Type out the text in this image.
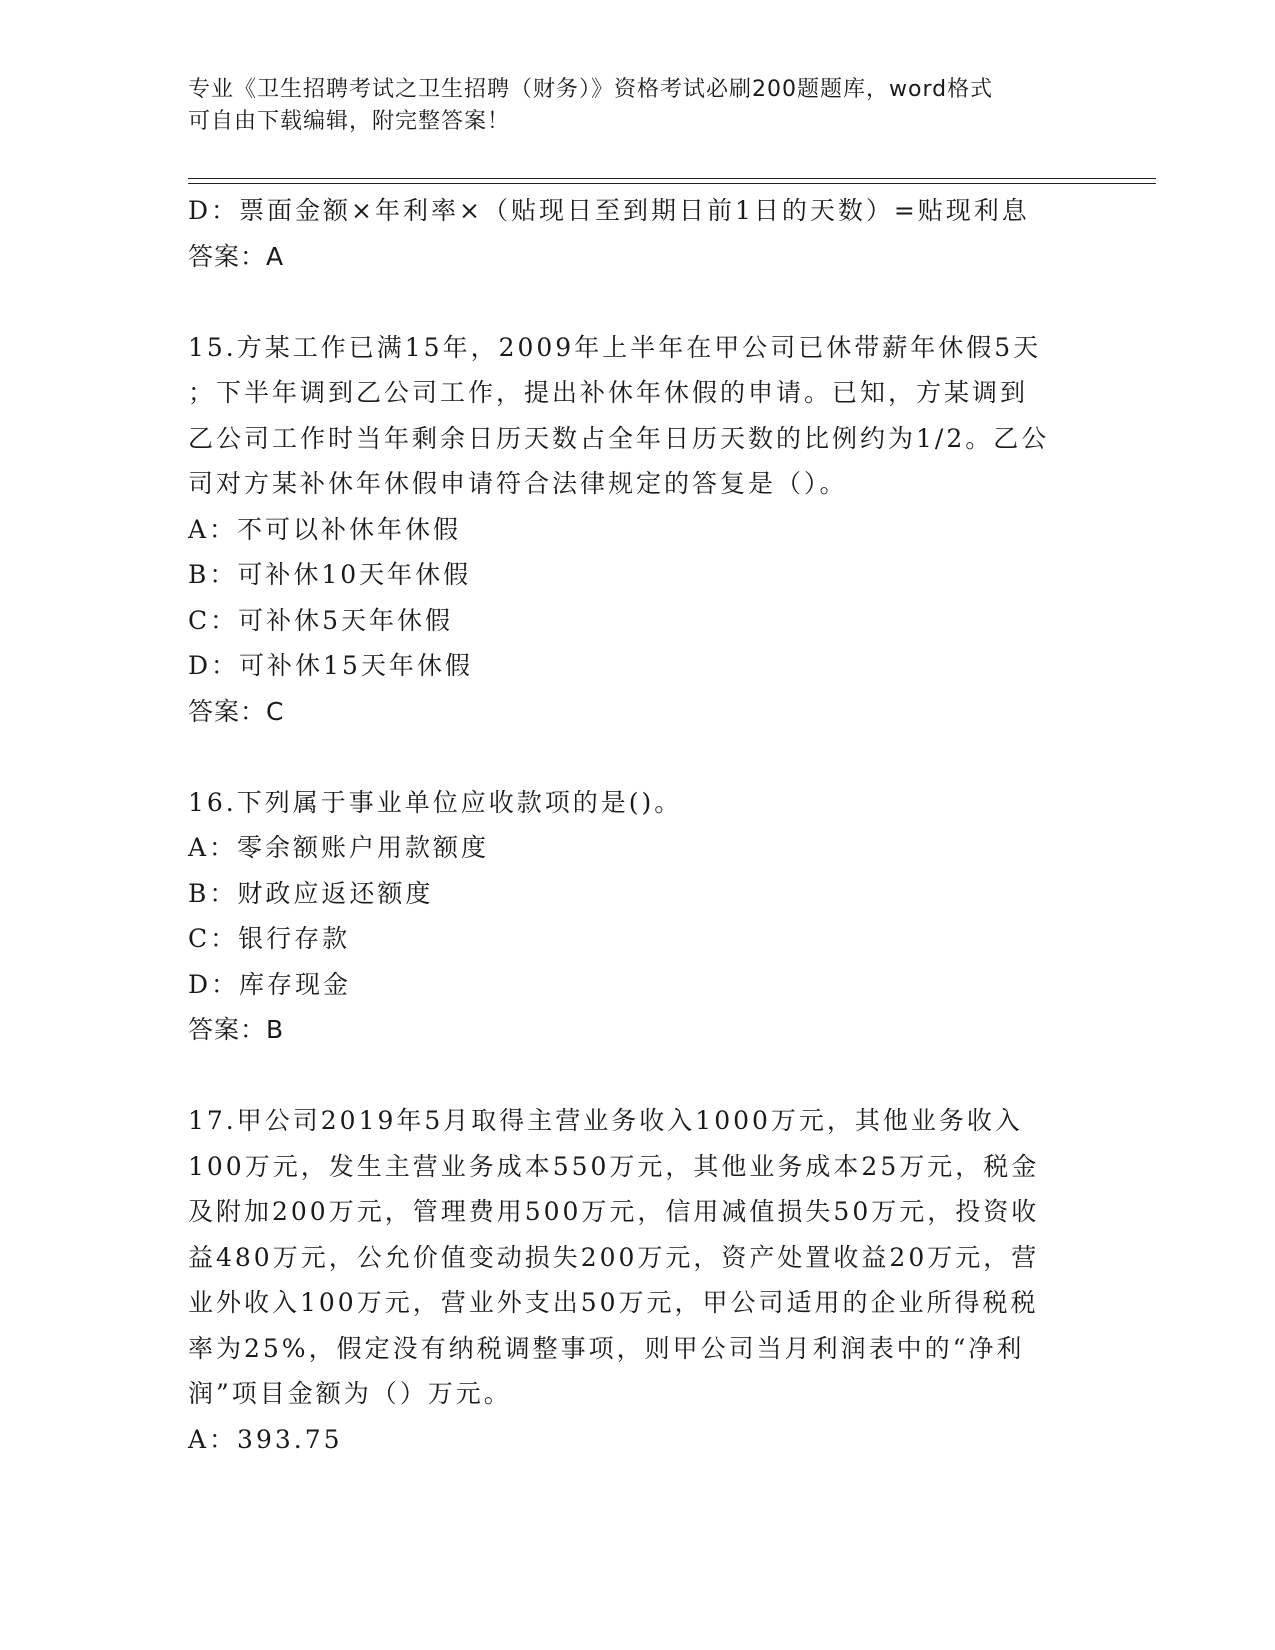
专业《卫生招聘考试之卫生招聘（财务）》资格考试必刷200题题库，word格式
可自由下载编辑，附完整答案！
D：票面金额×年利率×（贴现日至到期日前1日的天数）=贴现利息
答案：A
15.方某工作已满15年，2009年上半年在甲公司已休带薪年休假5天
；下半年调到乙公司工作，提出补休年休假的申请。已知，方某调到
乙公司工作时当年剩余日历天数占全年日历天数的比例约为1/2。乙公
司对方某补休年休假申请符合法律规定的答复是（）。
A：不可以补休年休假
B：可补休10天年休假
C：可补休5天年休假
D：可补休15天年休假
答案：C
16.下列属于事业单位应收款项的是()。
A：零余额账户用款额度
B：财政应返还额度
C：银行存款
D：库存现金
答案：B
17.甲公司2019年5月取得主营业务收入1000万元，其他业务收入
100万元，发生主营业务成本550万元，其他业务成本25万元，税金
及附加200万元，管理费用500万元，信用减值损失50万元，投资收
益480万元，公允价值变动损失200万元，资产处置收益20万元，营
业外收入100万元，营业外支出50万元，甲公司适用的企业所得税税
率为25%，假定没有纳税调整事项，则甲公司当月利润表中的“净利
润”项目金额为（）万元。
A：393.75
